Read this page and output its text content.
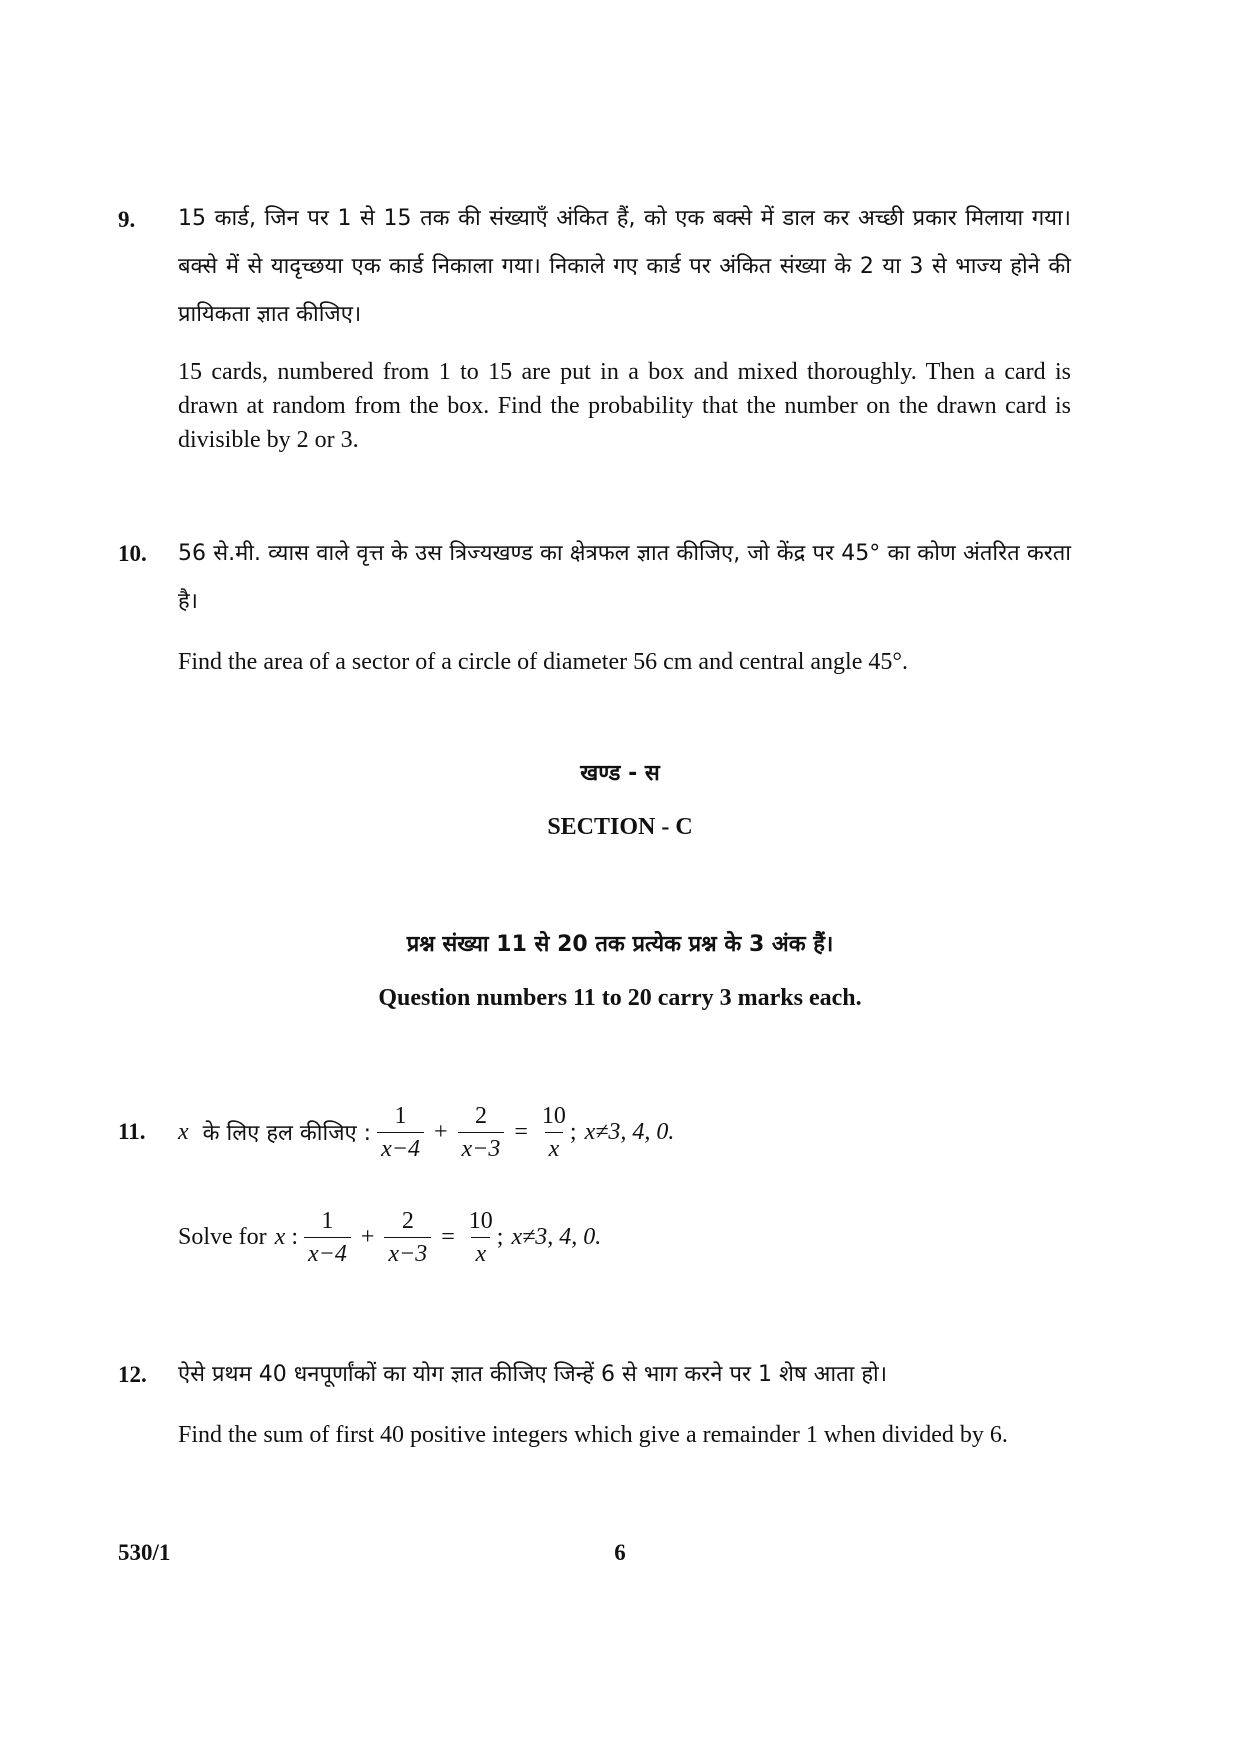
9.	15 कार्ड, जिन पर 1 से 15 तक की संख्याएँ अंकित हैं, को एक बक्से में डाल कर अच्छी प्रकार मिलाया गया। बक्से में से यादृच्छया एक कार्ड निकाला गया। निकाले गए कार्ड पर अंकित संख्या के 2 या 3 से भाज्य होने की प्रायिकता ज्ञात कीजिए।

15 cards, numbered from 1 to 15 are put in a box and mixed thoroughly. Then a card is drawn at random from the box. Find the probability that the number on the drawn card is divisible by 2 or 3.

10.	56 से.मी. व्यास वाले वृत्त के उस त्रिज्यखण्ड का क्षेत्रफल ज्ञात कीजिए, जो केंद्र पर 45° का कोण अंतरित करता है।

Find the area of a sector of a circle of diameter 56 cm and central angle 45°.

खण्ड - स

SECTION - C

प्रश्न संख्या 11 से 20 तक प्रत्येक प्रश्न के 3 अंक हैं।

Question numbers 11 to 20 carry 3 marks each.

11.	x के लिए हल कीजिए : $\frac{1}{x-4} + \frac{2}{x-3} = \frac{10}{x}$ ; x≠3, 4, 0.
Solve for x : $\frac{1}{x-4} + \frac{2}{x-3} = \frac{10}{x}$ ; x≠3, 4, 0.
12.	ऐसे प्रथम 40 धनपूर्णांकों का योग ज्ञात कीजिए जिन्हें 6 से भाग करने पर 1 शेष आता हो।

Find the sum of first 40 positive integers which give a remainder 1 when divided by 6.

530/1	6
